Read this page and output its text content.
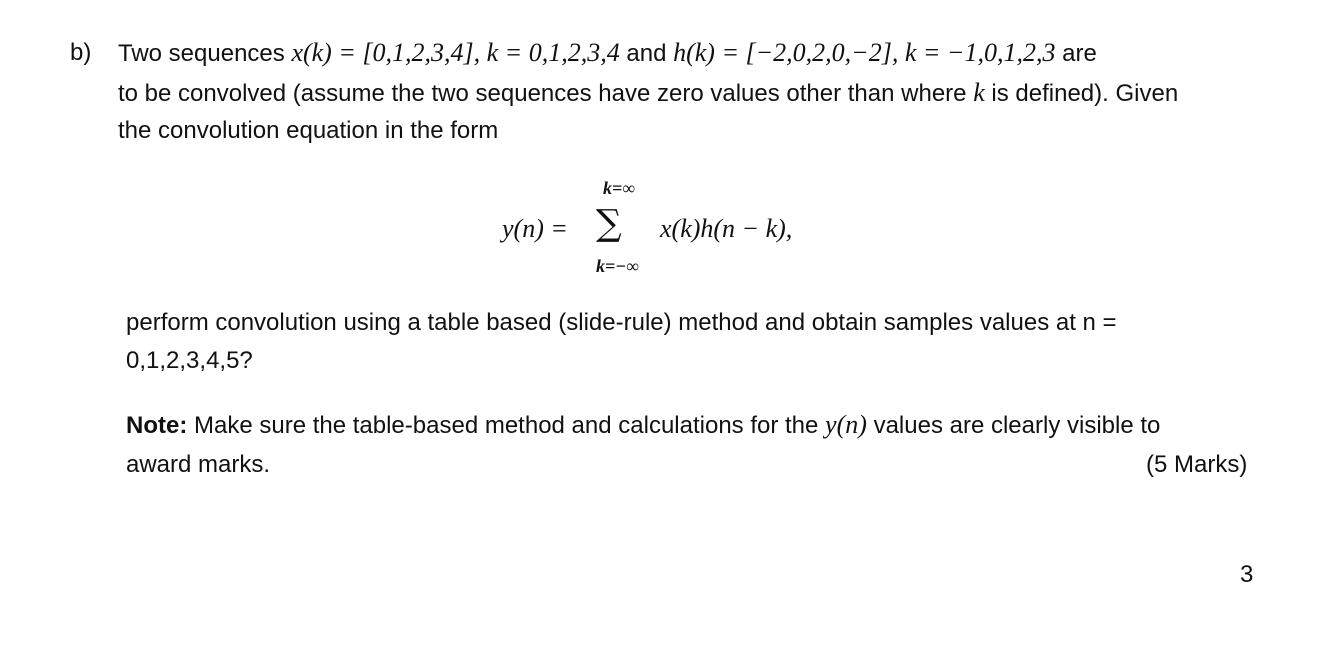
b) Two sequences x(k) = [0,1,2,3,4], k = 0,1,2,3,4 and h(k) = [−2,0,2,0,−2], k = −1,0,1,2,3 are
to be convolved (assume the two sequences have zero values other than where k is defined). Given
the convolution equation in the form
y(n) =
k=∞
∑
k=−∞
x(k)h(n − k),
perform convolution using a table based (slide-rule) method and obtain samples values at n =
0,1,2,3,4,5?
Note: Make sure the table-based method and calculations for the y(n) values are clearly visible to
award marks.	(5 Marks)
3
